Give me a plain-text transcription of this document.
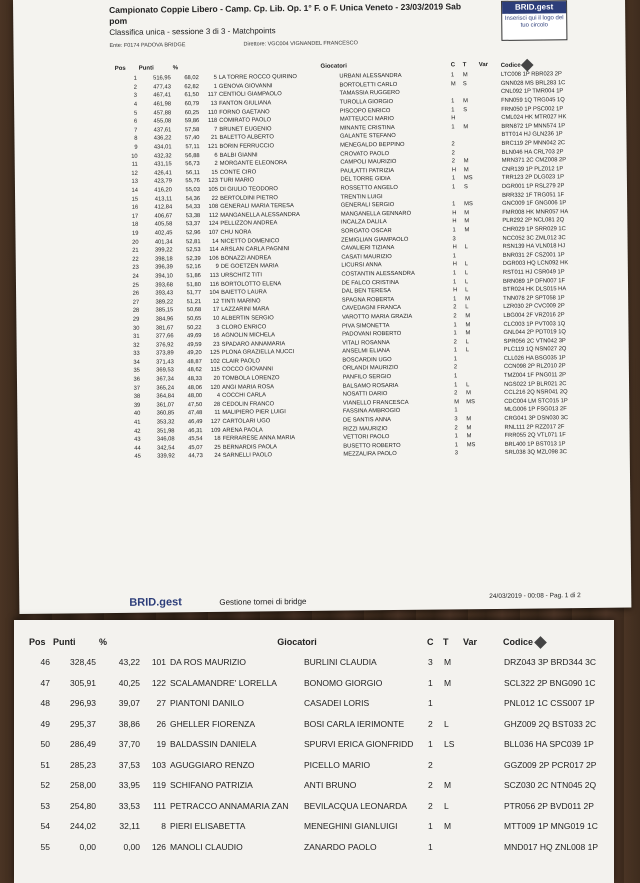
Campionato Coppie Libero - Camp. Cp. Lib. Op. 1° F. o F. Unica Veneto - 23/03/2019 Sab pom
Classifica unica - sessione 3 di 3 - Matchpoints
Ente: F0174 PADOVA BRIDGE	Direttore: VGC004 VIGNANDEL FRANCESCO
BRID.gest
Inserisci qui il logo del tuo circolo
Pos	Punti	%		Giocatori		C	T	Var	Codice
1	516,95	68,02	5	LA TORRE ROCCO QUIRINO	URBANI ALESSANDRA	1	M		LTC008 1P RBR023 2P
2	477,43	62,82	1	GENOVA GIOVANNI	BORTOLETTI CARLO	M	S		GNN028 MS BRL283 1C
3	467,41	61,50	117	CENTIOLI GIAMPAOLO	TAMASSIA RUGGERO				CNL092 1P TMR004 1P
4	461,98	60,79	13	FANTON GIULIANA	TUROLLA GIORGIO	1	M		FNN059 1Q TRG045 1Q
5	457,88	60,25	110	FORNO GAETANO	PISCOPO ENRICO	1	S		FRN050 1P PSC002 1P
6	455,08	59,86	118	COMIRATO PAOLO	MATTEUCCI MARIO	H			CML024 HK MTR027 HK
7	437,61	57,58	7	BRUNET EUGENIO	MINANTE CRISTINA	1	M		BRN872 1P MNN574 1P
8	436,22	57,40	21	BALETTO ALBERTO	GALANTE STEFANO				BTT014 HJ GLN236 1P
9	434,01	57,11	121	BORIN FERRUCCIO	MENEGALDO BEPPINO	2			BRC119 2P MNN042 2C
10	432,32	56,88	6	BALBI GIANNI	CROVATO PAOLO	2			BLN046 HA CRL703 2P
11	431,15	56,73	2	MORGANTE ELEONORA	CAMPOLI MAURIZIO	2	M		MRN371 2C CMZ008 2P
12	426,41	56,11	15	CONTE CIRO	PAULATTI PATRIZIA	H	M		CNR139 1P PLZ012 1P
13	423,79	55,76	123	TURI MARIO	DEL TORRE GIDIA	1	MS		TRR123 2P DLG023 1P
14	416,20	55,03	105	DI GIULIO TEODORO	ROSSETTO ANGELO	1	S		DGR001 1P RSL279 2P
15	413,11	54,36	22	BERTOLDINI PIETRO	TRENTIN LUIGI				BRR332 1F TRG051 1F
16	412,84	54,33	108	GENERALI MARIA TERESA	GENERALI SERGIO	1	MS		GNC009 1F GNG006 1P
17	406,67	53,38	112	MANGANELLA ALESSANDRA	MANGANELLA GENNARO	H	M		FMR008 HK MNR057 HA
18	405,58	53,37	124	PELLIZZON ANDREA	INCALZA DALILA	H	M		PLR292 2P NCL081 2Q
19	402,45	52,96	107	CHU NORA	SORGATO OSCAR	1	M		CHR029 1P SRR029 1C
20	401,34	52,81	14	NICETTO DOMENICO	ZEMIGLIAN GIAMPAOLO	3			NCC052 3C ZML012 3C
21	399,22	52,53	114	ARSLAN CARLA PAGNINI	CAVALIERI TIZIANA	H	L		RSN139 HA VLN018 HJ
22	398,18	52,39	106	BONAZZI ANDREA	CASATI MAURIZIO	1			BNR031 2F CSZ001 1P
23	396,39	52,16	9	DE GOETZEN MARIA	LICURSI ANNA	H	L		DGR003 HQ LCN092 HK
24	394,10	51,86	113	URSCHITZ TITI	COSTANTIN ALESSANDRA	1	L		RST011 HJ CSR049 1P
25	393,68	51,80	116	BORTOLOTTO ELENA	DE FALCO CRISTINA	1	L		BRN089 1P DFN007 1F
26	393,43	51,77	104	BAIETTO LAURA	DAL BEN TERESA	H	L		BTR024 HK DLS015 HA
27	389,22	51,21	12	TINTI MARINO	SPAGNA ROBERTA	1	M		TNN078 2P SPT058 1P
28	385,15	50,68	17	LAZZARINI MARA	CAVEDAGNI FRANCA	2	L		LZR030 2P CVC009 2P
29	384,96	50,65	10	ALBERTIN SERGIO	VAROTTO MARIA GRAZIA	2	M		LBG004 2F VRZ016 2P
30	381,67	50,22	3	CLORO ENRICO	PIVA SIMONETTA	1	M		CLC003 1P PVT003 1Q
31	377,66	49,69	16	AGNOLIN MICHELA	PADOVANI ROBERTO	1	M		GNL044 2P PDT019 1Q
32	376,92	49,59	23	SPADARO ANNAMARIA	VITALI ROSANNA	2	L		SPR056 2C VTN042 3P
33	373,89	49,20	125	PLONA GRAZIELLA NUCCI	ANSELMI ELIANA	1	L		PLC119 1Q NSN027 2Q
34	371,43	48,87	102	CLAIR PAOLO	BOSCARDIN UGO	1			CLL026 HA BSG035 1P
35	369,53	48,62	115	COCCO GIOVANNI	ORLANDI MAURIZIO	2			CCN098 2P RLZ010 2P
36	367,34	48,33	20	TOMBOLA LORENZO	PANFILO SERGIO	1			TMZ004 1F PNG011 2P
37	365,24	48,06	120	ANGI MARIA ROSA	BALSAMO ROSARIA	1	L		NGS022 1P BLR021 2C
38	364,84	48,00	4	COCCHI CARLA	NOSATTI DARIO	2	M		CCL216 2Q NSR041 2Q
39	361,07	47,50	28	CEDOLIN FRANCO	VIANELLO FRANCESCA	M	MS		CDC004 LM STC015 1P
40	360,85	47,48	11	MALIPIERO PIER LUIGI	FASSINA AMBROGIO	1			MLG006 1P FSG013 2F
41	353,32	46,49	127	CARTOLARI UGO	DE SANTIS ANNA	3	M		CRG041 3P DSN030 3C
42	351,98	46,31	109	ARENA PAOLA	RIZZI MAURIZIO	2	M		RNL111 2P RZZ017 2F
43	346,08	45,54	18	FERRARESE ANNA MARIA	VETTORI PAOLO	1	M		FRR055 2Q VTL071 1F
44	342,54	45,07	25	BERNARDIS PAOLA	BUSETTO ROBERTO	1	MS		BRL400 1P BST013 1P
45	339,92	44,73	24	SARNELLI PAOLO	MEZZALIRA PAOLO	3			SRL038 3Q MZL098 3C
BRID.gest	Gestione tornei di bridge
24/03/2019 - 00:08 - Pag. 1 di 2
Pos	Punti	%		Giocatori		C	T	Var	Codice
46	328,45	43,22	101	DA ROS MAURIZIO	BURLINI CLAUDIA	3	M		DRZ043 3P BRD344 3C
47	305,91	40,25	122	SCALAMANDRE' LORELLA	BONOMO GIORGIO	1	M		SCL322 2P BNG090 1C
48	296,93	39,07	27	PIANTONI DANILO	CASADEI LORIS	1			PNL012 1C CSS007 1P
49	295,37	38,86	26	GHELLER FIORENZA	BOSI CARLA IERIMONTE	2	L		GHZ009 2Q BST033 2C
50	286,49	37,70	19	BALDASSIN DANIELA	SPURVI ERICA GIONFRIDD	1	LS		BLL036 HA SPC039 1P
51	285,23	37,53	103	AGUGGIARO RENZO	PICELLO MARIO	2			GGZ009 2P PCR017 2P
52	258,00	33,95	119	SCHIFANO PATRIZIA	ANTI BRUNO	2	M		SCZ030 2C NTN045 2Q
53	254,80	33,53	111	PETRACCO ANNAMARIA ZAN	BEVILACQUA LEONARDA	2	L		PTR056 2P BVD011 2P
54	244,02	32,11	8	PIERI ELISABETTA	MENEGHINI GIANLUIGI	1	M		MTT009 1P MNG019 1C
55	0,00	0,00	126	MANOLI CLAUDIO	ZANARDO PAOLO	1			MND017 HQ ZNL008 1P
